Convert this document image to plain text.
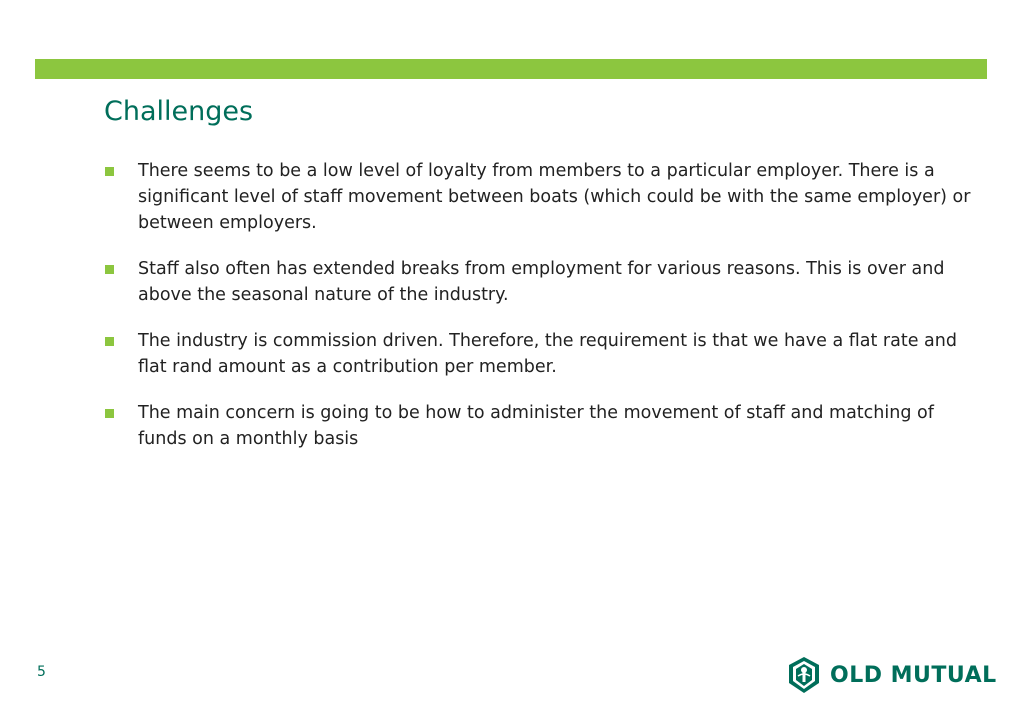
Challenges
There seems to be a low level of loyalty from members to a particular employer. There is a significant level of staff movement between boats (which could be with the same employer) or between employers.
Staff also often has extended breaks from employment for various reasons. This is over and above the seasonal nature of the industry.
The industry is commission driven. Therefore, the requirement is that we have a flat rate and flat rand amount as a contribution per member.
The main concern is going to be how to administer the movement of staff and matching of funds on a monthly basis
5	OLD MUTUAL
